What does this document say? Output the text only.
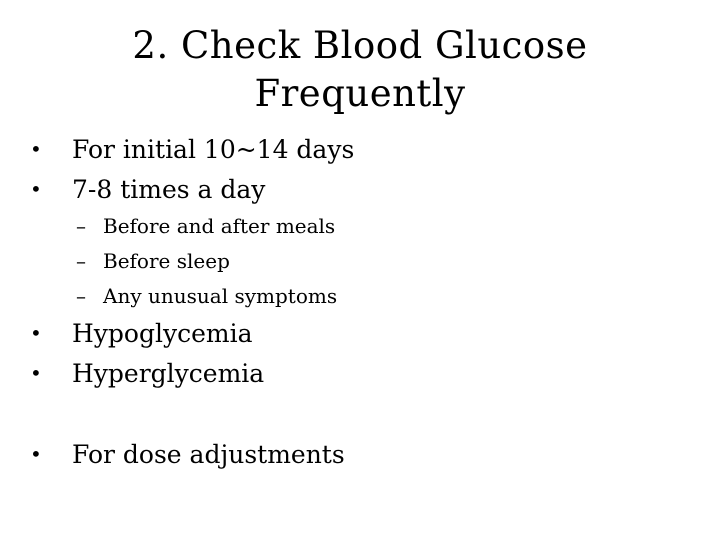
2. Check Blood Glucose
Frequently
• For initial 10~14 days
• 7-8 times a day
– Before and after meals
– Before sleep
– Any unusual symptoms
• Hypoglycemia
• Hyperglycemia
• For dose adjustments
